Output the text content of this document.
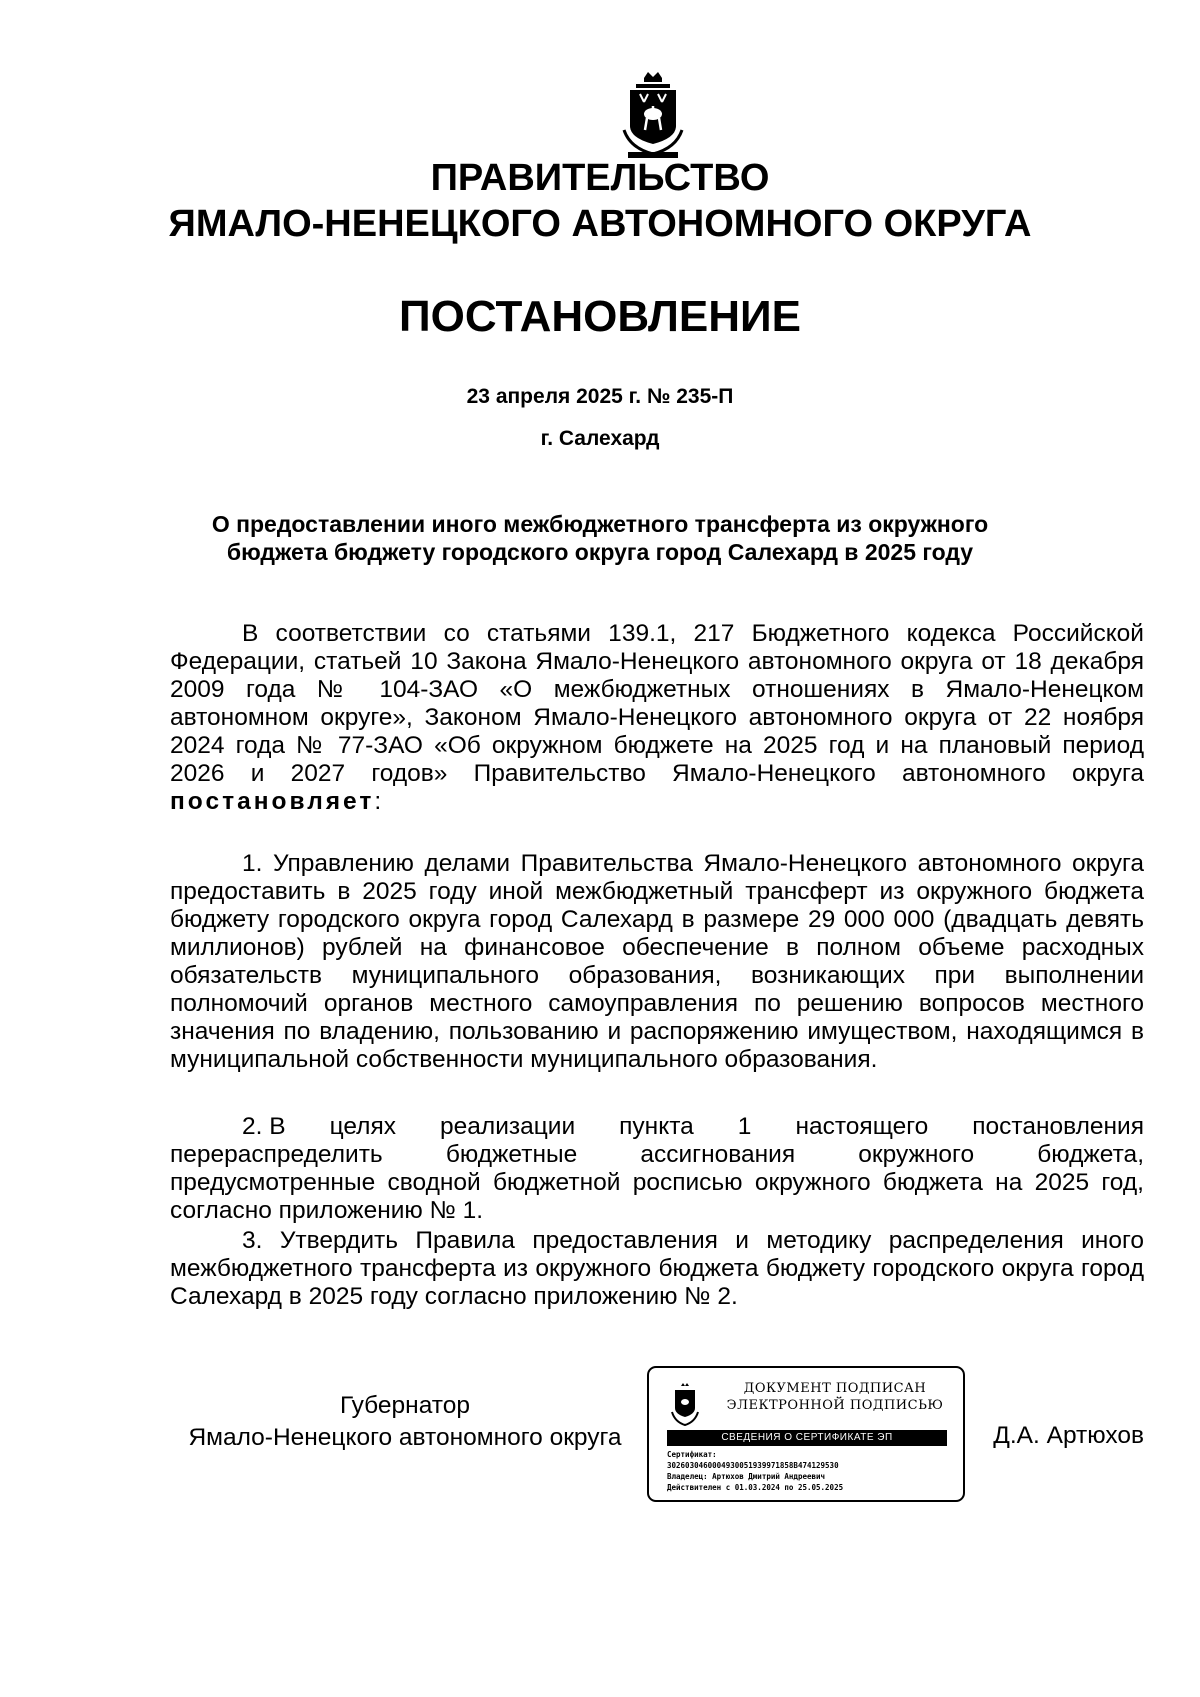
ПРАВИТЕЛЬСТВО
ЯМАЛО-НЕНЕЦКОГО АВТОНОМНОГО ОКРУГА
ПОСТАНОВЛЕНИЕ
23 апреля 2025 г. № 235-П
г. Салехард
О предоставлении иного межбюджетного трансферта из окружного
бюджета бюджету городского округа город Салехард в 2025 году

В соответствии со статьями 139.1, 217 Бюджетного кодекса Российской Федерации, статьей 10 Закона Ямало-Ненецкого автономного округа от 18 декабря 2009 года № 104-ЗАО «О межбюджетных отношениях в Ямало-Ненецком автономном округе», Законом Ямало-Ненецкого автономного округа от 22 ноября 2024 года № 77-ЗАО «Об окружном бюджете на 2025 год и на плановый период 2026 и 2027 годов» Правительство Ямало-Ненецкого автономного округа постановляет:

1. Управлению делами Правительства Ямало-Ненецкого автономного округа предоставить в 2025 году иной межбюджетный трансферт из окружного бюджета бюджету городского округа город Салехард в размере 29 000 000 (двадцать девять миллионов) рублей на финансовое обеспечение в полном объеме расходных обязательств муниципального образования, возникающих при выполнении полномочий органов местного самоуправления по решению вопросов местного значения по владению, пользованию и распоряжению имуществом, находящимся в муниципальной собственности муниципального образования.

2. В целях реализации пункта 1 настоящего постановления
перераспределить	бюджетные	ассигнования	окружного	бюджета,

предусмотренные сводной бюджетной росписью окружного бюджета на 2025 год, согласно приложению № 1.

3. Утвердить Правила предоставления и методику распределения иного межбюджетного трансферта из окружного бюджета бюджету городского округа город Салехард в 2025 году согласно приложению № 2.

Губернатор
Ямало-Ненецкого автономного округа
ДОКУМЕНТ ПОДПИСАН
ЭЛЕКТРОННОЙ ПОДПИСЬЮ
СВЕДЕНИЯ О СЕРТИФИКАТЕ ЭП
Сертификат:
3026030460004930051939971858B474129530
Владелец: Артюхов Дмитрий Андреевич
Действителен с 01.03.2024 по 25.05.2025
Д.А. Артюхов
